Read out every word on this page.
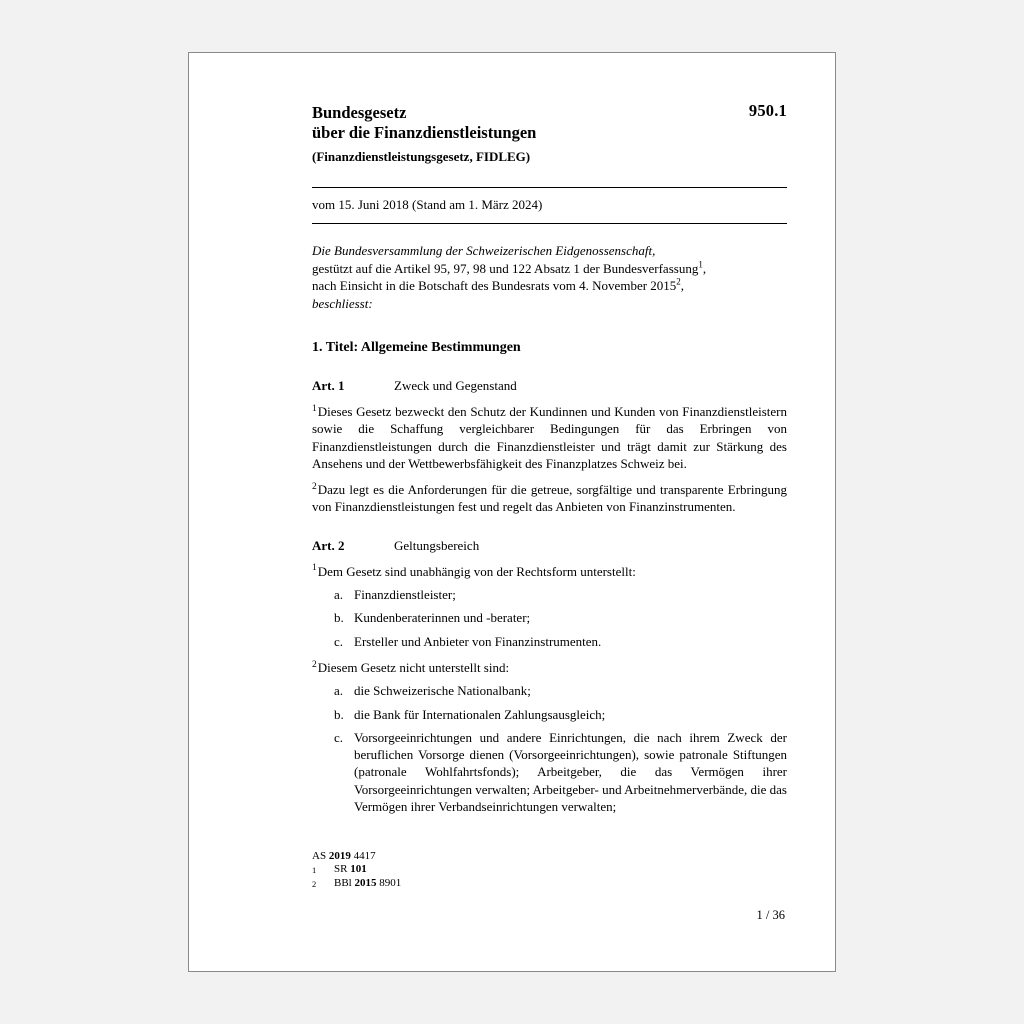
950.1
Bundesgesetz
über die Finanzdienstleistungen
(Finanzdienstleistungsgesetz, FIDLEG)
vom 15. Juni 2018 (Stand am 1. März 2024)

Die Bundesversammlung der Schweizerischen Eidgenossenschaft,

gestützt auf die Artikel 95, 97, 98 und 122 Absatz 1 der Bundesverfassung$^1$,

nach Einsicht in die Botschaft des Bundesrats vom 4. November 2015$^2$,

beschliesst:

1. Titel: Allgemeine Bestimmungen
Art. 1	Zweck und Gegenstand
$^1$Dieses Gesetz bezweckt den Schutz der Kundinnen und Kunden von Finanzdienstleistern sowie die Schaffung vergleichbarer Bedingungen für das Erbringen von Finanzdienstleistungen durch die Finanzdienstleister und trägt damit zur Stärkung des Ansehens und der Wettbewerbsfähigkeit des Finanzplatzes Schweiz bei.
$^2$Dazu legt es die Anforderungen für die getreue, sorgfältige und transparente Erbringung von Finanzdienstleistungen fest und regelt das Anbieten von Finanzinstrumenten.
Art. 2	Geltungsbereich
$^1$Dem Gesetz sind unabhängig von der Rechtsform unterstellt:
a. Finanzdienstleister;
b. Kundenberaterinnen und -berater;
c. Ersteller und Anbieter von Finanzinstrumenten.
$^2$Diesem Gesetz nicht unterstellt sind:
a. die Schweizerische Nationalbank;
b. die Bank für Internationalen Zahlungsausgleich;
c. Vorsorgeeinrichtungen und andere Einrichtungen, die nach ihrem Zweck der beruflichen Vorsorge dienen (Vorsorgeeinrichtungen), sowie patronale Stiftungen (patronale Wohlfahrtsfonds); Arbeitgeber, die das Vermögen ihrer Vorsorgeeinrichtungen verwalten; Arbeitgeber- und Arbeitnehmerverbände, die das Vermögen ihrer Verbandseinrichtungen verwalten;
AS 2019 4417
1	SR 101
2	BBl 2015 8901
1 / 36
